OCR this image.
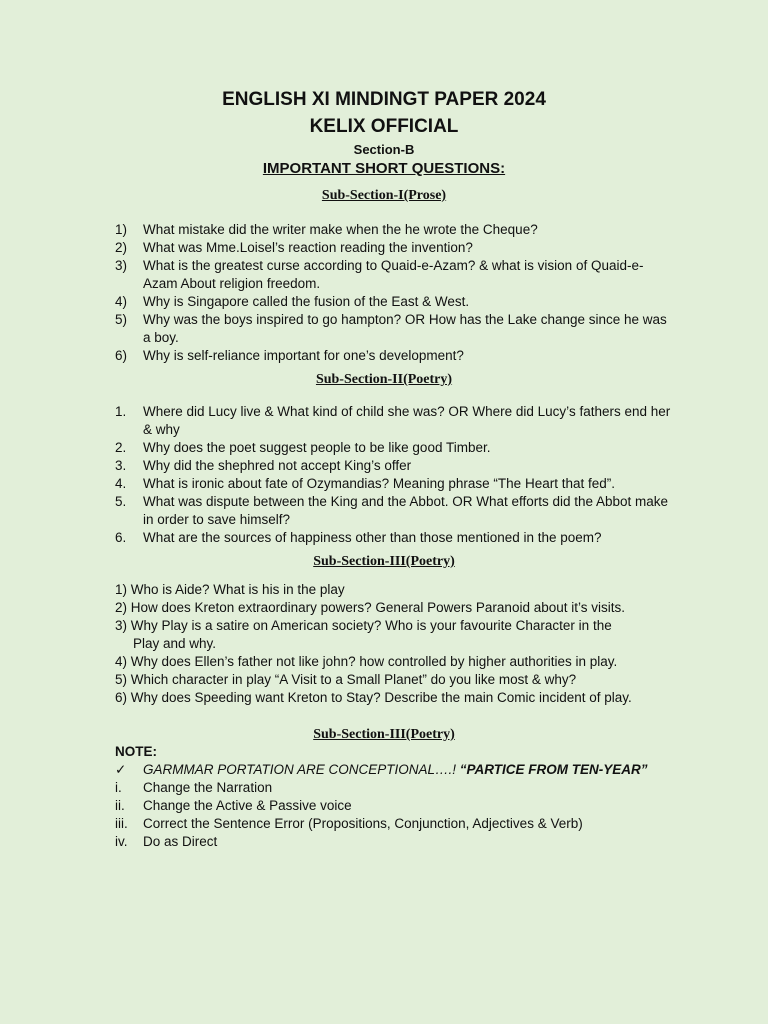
ENGLISH XI MINDINGT PAPER 2024
KELIX OFFICIAL
Section-B
IMPORTANT SHORT QUESTIONS:
Sub-Section-I(Prose)
1) What mistake did the writer make when the he wrote the Cheque?
2) What was Mme.Loisel’s reaction reading the invention?
3) What is the greatest curse according to Quaid-e-Azam? & what is vision of Quaid-e-Azam About religion freedom.
4) Why is Singapore called the fusion of the East & West.
5) Why was the boys inspired to go hampton? OR How has the Lake change since he was a boy.
6) Why is self-reliance important for one’s development?
Sub-Section-II(Poetry)
1. Where did Lucy live & What kind of child she was? OR Where did Lucy’s fathers end her & why
2. Why does the poet suggest people to be like good Timber.
3. Why did the shephred not accept King’s offer
4. What is ironic about fate of Ozymandias? Meaning phrase “The Heart that fed”.
5. What was dispute between the King and the Abbot. OR What efforts did the Abbot make in order to save himself?
6. What are the sources of happiness other than those mentioned in the poem?
Sub-Section-III(Poetry)
1) Who is Aide? What is his in the play
2) How does Kreton extraordinary powers? General Powers Paranoid about it’s visits.
3) Why Play is a satire on American society? Who is your favourite Character in the
Play and why.
4) Why does Ellen’s father not like john? how controlled by higher authorities in play.
5) Which character in play “A Visit to a Small Planet” do you like most & why?
6) Why does Speeding want Kreton to Stay? Describe the main Comic incident of play.
Sub-Section-III(Poetry)
NOTE:
✓ GARMMAR PORTATION ARE CONCEPTIONAL….! “PARTICE FROM TEN-YEAR”
i. Change the Narration
ii. Change the Active & Passive voice
iii. Correct the Sentence Error (Propositions, Conjunction, Adjectives & Verb)
iv. Do as Direct
